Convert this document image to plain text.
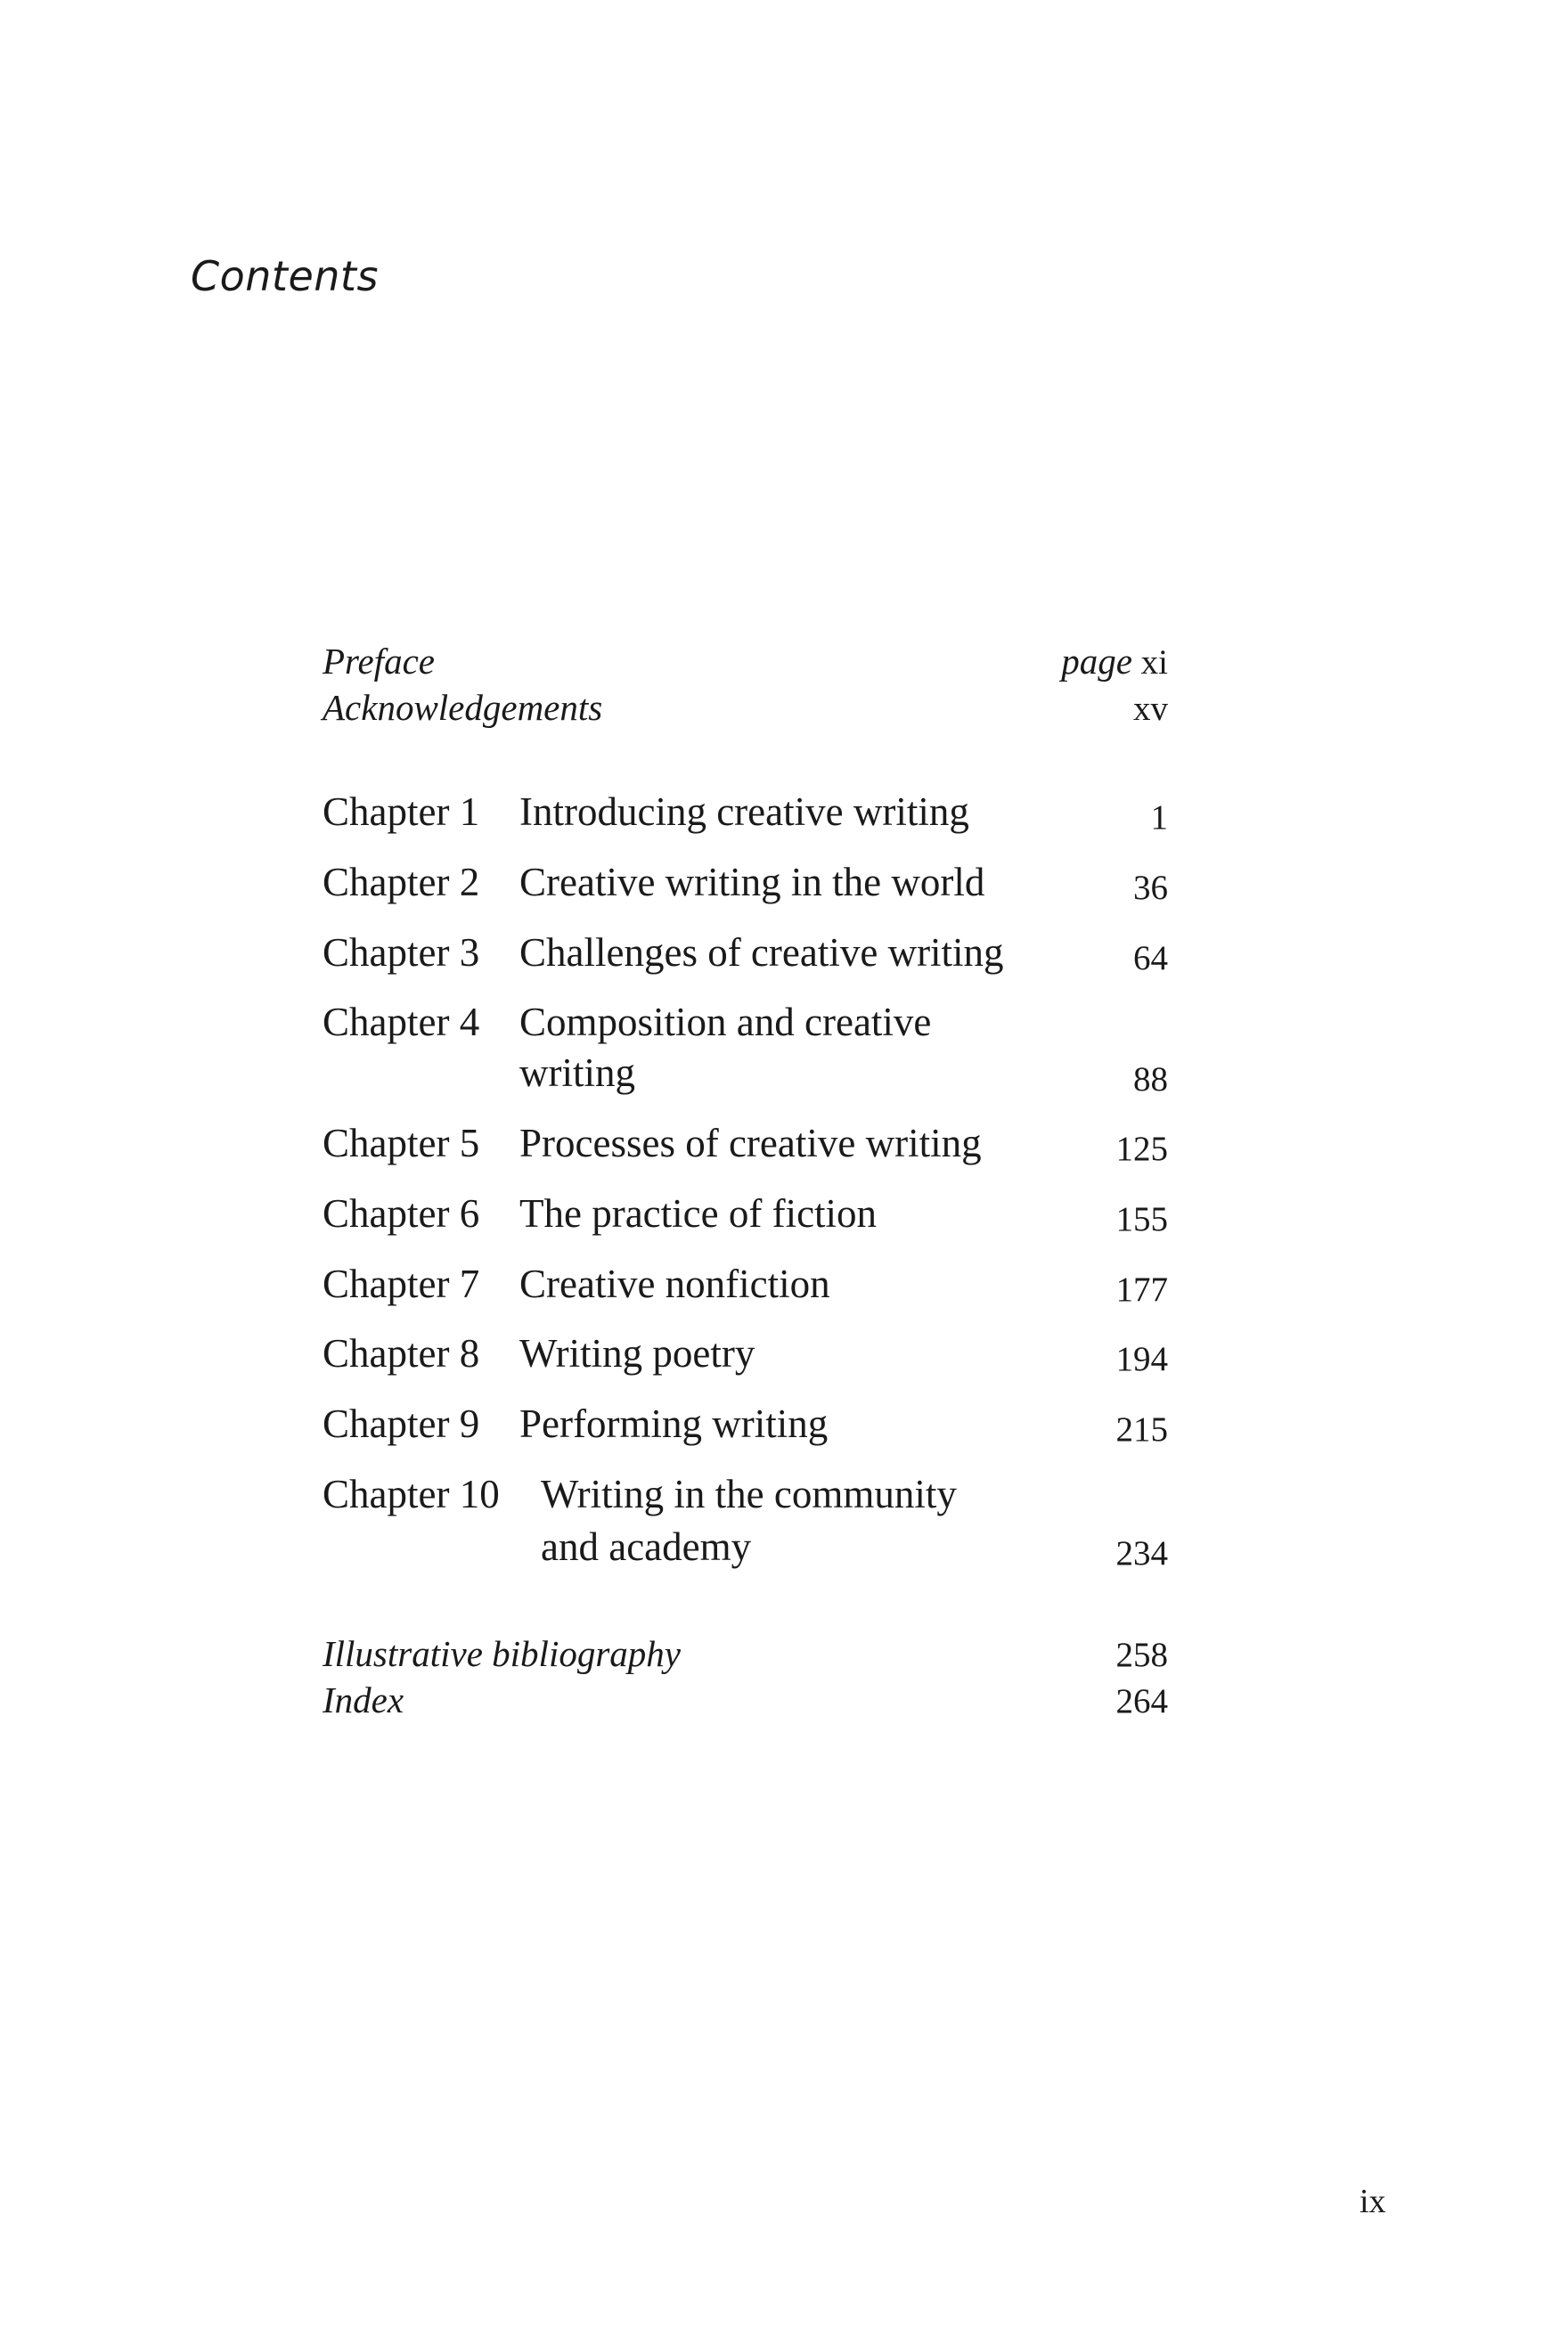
Contents
Preface	page xi
Acknowledgements	xv
Chapter 1 Introducing creative writing	1
Chapter 2 Creative writing in the world	36
Chapter 3 Challenges of creative writing	64
Chapter 4 Composition and creative
writing	88
Chapter 5 Processes of creative writing	125
Chapter 6 The practice of fiction	155
Chapter 7 Creative nonfiction	177
Chapter 8 Writing poetry	194
Chapter 9 Performing writing	215
Chapter 10 Writing in the community
and academy	234
Illustrative bibliography	258
Index	264
ix
